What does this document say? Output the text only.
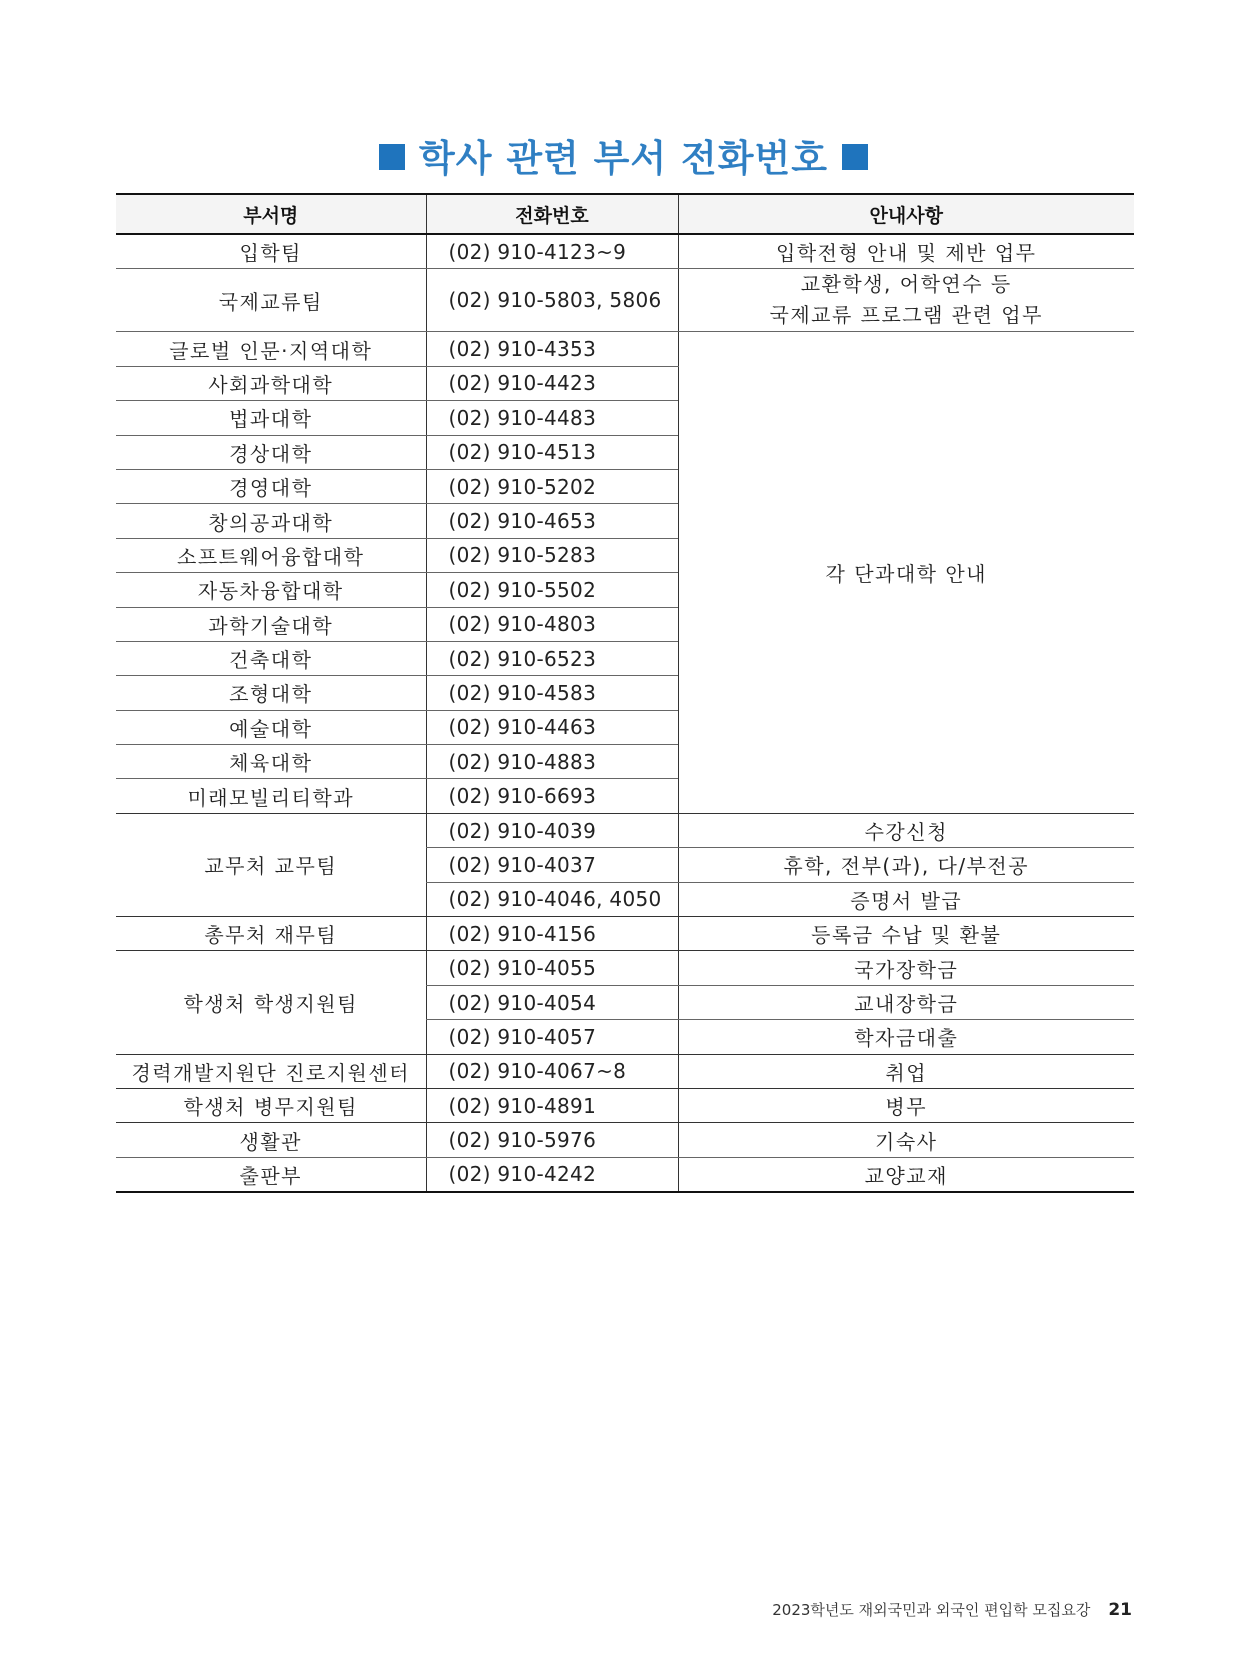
학사 관련 부서 전화번호
부서명	전화번호	안내사항
입학팀	(02) 910-4123~9	입학전형 안내 및 제반 업무
국제교류팀	(02) 910-5803, 5806	교환학생, 어학연수 등
국제교류 프로그램 관련 업무

글로벌 인문·지역대학	(02) 910-4353	각 단과대학 안내
사회과학대학	(02) 910-4423	
법과대학	(02) 910-4483	
경상대학	(02) 910-4513	
경영대학	(02) 910-5202	
창의공과대학	(02) 910-4653	
소프트웨어융합대학	(02) 910-5283	
자동차융합대학	(02) 910-5502	
과학기술대학	(02) 910-4803	
건축대학	(02) 910-6523	
조형대학	(02) 910-4583	
예술대학	(02) 910-4463	
체육대학	(02) 910-4883	
미래모빌리티학과	(02) 910-6693	
교무처 교무팀	(02) 910-4039	수강신청
	(02) 910-4037	휴학, 전부(과), 다/부전공
	(02) 910-4046, 4050	증명서 발급
총무처 재무팀	(02) 910-4156	등록금 수납 및 환불
학생처 학생지원팀	(02) 910-4055	국가장학금
	(02) 910-4054	교내장학금
	(02) 910-4057	학자금대출
경력개발지원단 진로지원센터	(02) 910-4067~8	취업
학생처 병무지원팀	(02) 910-4891	병무
생활관	(02) 910-5976	기숙사
출판부	(02) 910-4242	교양교재
2023학년도 재외국민과 외국인 편입학 모집요강 21
